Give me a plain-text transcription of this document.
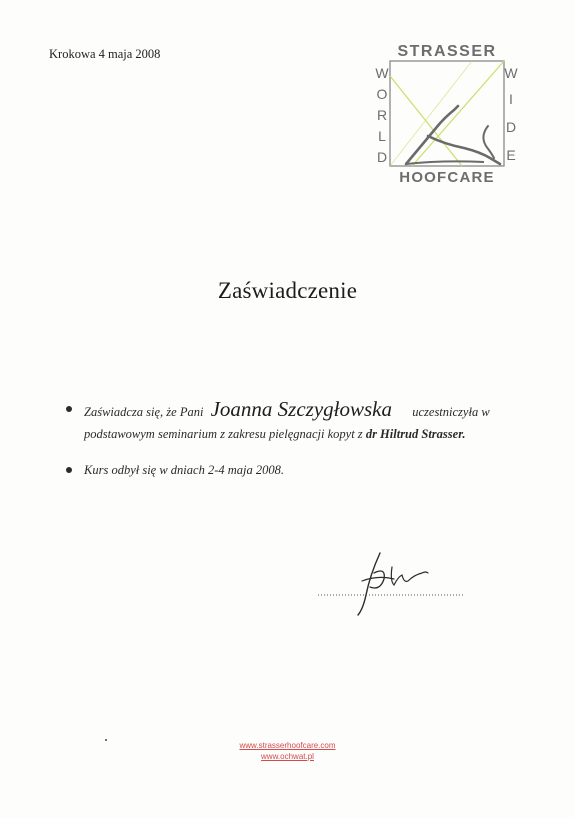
Krokowa 4 maja 2008	STRASSER
W
O
R
L
D
W
I
D
E
HOOFCARE
Zaświadczenie
Zaświadcza się, że Pani Joanna Szczygłowska uczestniczyła w podstawowym seminarium z zakresu pielęgnacji kopyt z dr Hiltrud Strasser.
Kurs odbył się w dniach 2-4 maja 2008.
www.strasserhoofcare.com
www.ochwat.pl
